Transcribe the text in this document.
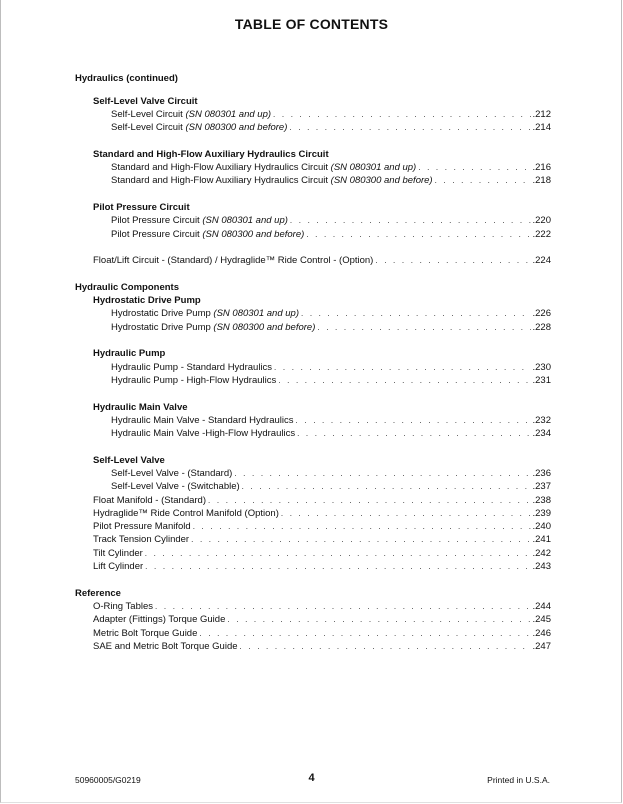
TABLE OF CONTENTS
Hydraulics (continued)
Self-Level Valve Circuit
Self-Level Circuit (SN 080301 and up) . . .	.212
Self-Level Circuit (SN 080300 and before) . . .	.214
Standard and High-Flow Auxiliary Hydraulics Circuit
Standard and High-Flow Auxiliary Hydraulics Circuit (SN 080301 and up) . . .	.216
Standard and High-Flow Auxiliary Hydraulics Circuit (SN 080300 and before) . . .	.218
Pilot Pressure Circuit
Pilot Pressure Circuit (SN 080301 and up) . . .	.220
Pilot Pressure Circuit (SN 080300 and before) . . .	.222
Float/Lift Circuit - (Standard) / Hydraglide™ Ride Control - (Option) . . .	.224
Hydraulic Components
Hydrostatic Drive Pump
Hydrostatic Drive Pump (SN 080301 and up) . . .	.226
Hydrostatic Drive Pump (SN 080300 and before) . . .	.228
Hydraulic Pump
Hydraulic Pump - Standard Hydraulics . . .	.230
Hydraulic Pump - High-Flow Hydraulics . . .	.231
Hydraulic Main Valve
Hydraulic Main Valve - Standard Hydraulics . . .	.232
Hydraulic Main Valve -High-Flow Hydraulics . . .	.234
Self-Level Valve
Self-Level Valve - (Standard) . . .	.236
Self-Level Valve - (Switchable) . . .	.237
Float Manifold - (Standard) . . .	.238
Hydraglide™ Ride Control Manifold (Option) . . .	.239
Pilot Pressure Manifold . . .	.240
Track Tension Cylinder . . .	.241
Tilt Cylinder . . .	.242
Lift Cylinder . . .	.243
Reference
O-Ring Tables . . .	.244
Adapter (Fittings) Torque Guide . . .	.245
Metric Bolt Torque Guide . . .	.246
SAE and Metric Bolt Torque Guide . . .	.247
50960005/G0219	4	Printed in U.S.A.
